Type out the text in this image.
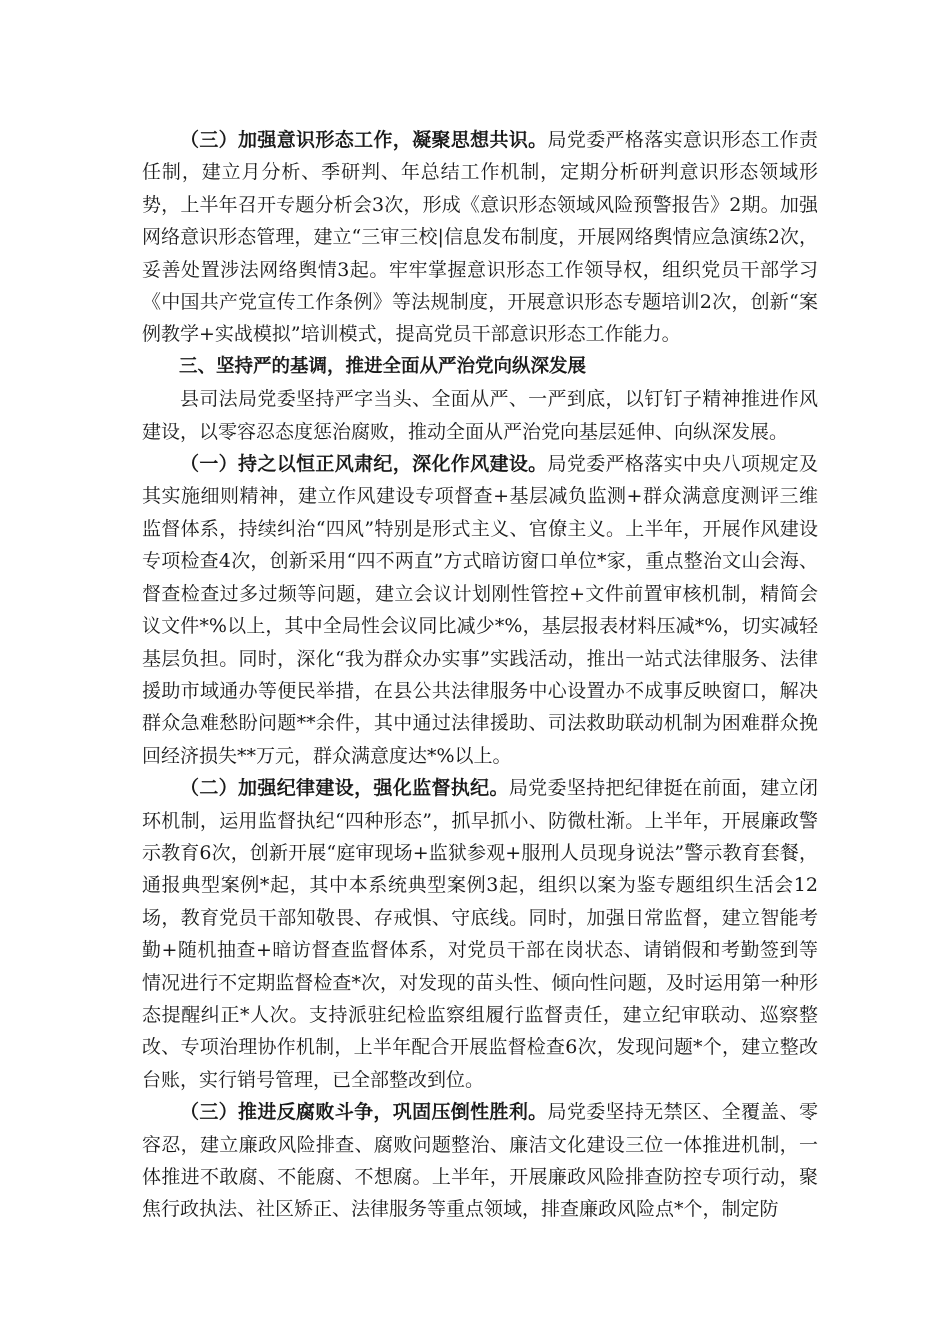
（三）加强意识形态工作，凝聚思想共识。局党委严格落实意识形态工作责任制，建立月分析、季研判、年总结工作机制，定期分析研判意识形态领域形势，上半年召开专题分析会3次，形成《意识形态领域风险预警报告》2期。加强网络意识形态管理，建立“三审三校|信息发布制度，开展网络舆情应急演练2次，妥善处置涉法网络舆情3起。牢牢掌握意识形态工作领导权，组织党员干部学习《中国共产党宣传工作条例》等法规制度，开展意识形态专题培训2次，创新“案例教学+实战模拟”培训模式，提高党员干部意识形态工作能力。

三、坚持严的基调，推进全面从严治党向纵深发展

县司法局党委坚持严字当头、全面从严、一严到底，以钉钉子精神推进作风建设，以零容忍态度惩治腐败，推动全面从严治党向基层延伸、向纵深发展。

（一）持之以恒正风肃纪，深化作风建设。局党委严格落实中央八项规定及其实施细则精神，建立作风建设专项督查+基层减负监测+群众满意度测评三维监督体系，持续纠治“四风”特别是形式主义、官僚主义。上半年，开展作风建设专项检查4次，创新采用“四不两直”方式暗访窗口单位*家，重点整治文山会海、督查检查过多过频等问题，建立会议计划刚性管控+文件前置审核机制，精简会议文件*%以上，其中全局性会议同比减少*%，基层报表材料压减*%，切实减轻基层负担。同时，深化“我为群众办实事”实践活动，推出一站式法律服务、法律援助市域通办等便民举措，在县公共法律服务中心设置办不成事反映窗口，解决群众急难愁盼问题**余件，其中通过法律援助、司法救助联动机制为困难群众挽回经济损失**万元，群众满意度达*%以上。

（二）加强纪律建设，强化监督执纪。局党委坚持把纪律挺在前面，建立闭环机制，运用监督执纪“四种形态”，抓早抓小、防微杜渐。上半年，开展廉政警示教育6次，创新开展“庭审现场+监狱参观+服刑人员现身说法”警示教育套餐，通报典型案例*起，其中本系统典型案例3起，组织以案为鉴专题组织生活会12场，教育党员干部知敬畏、存戒惧、守底线。同时，加强日常监督，建立智能考勤+随机抽查+暗访督查监督体系，对党员干部在岗状态、请销假和考勤签到等情况进行不定期监督检查*次，对发现的苗头性、倾向性问题，及时运用第一种形态提醒纠正*人次。支持派驻纪检监察组履行监督责任，建立纪审联动、巡察整改、专项治理协作机制，上半年配合开展监督检查6次，发现问题*个，建立整改台账，实行销号管理，已全部整改到位。

（三）推进反腐败斗争，巩固压倒性胜利。局党委坚持无禁区、全覆盖、零容忍，建立廉政风险排查、腐败问题整治、廉洁文化建设三位一体推进机制，一体推进不敢腐、不能腐、不想腐。上半年，开展廉政风险排查防控专项行动，聚焦行政执法、社区矫正、法律服务等重点领域，排查廉政风险点*个，制定防
